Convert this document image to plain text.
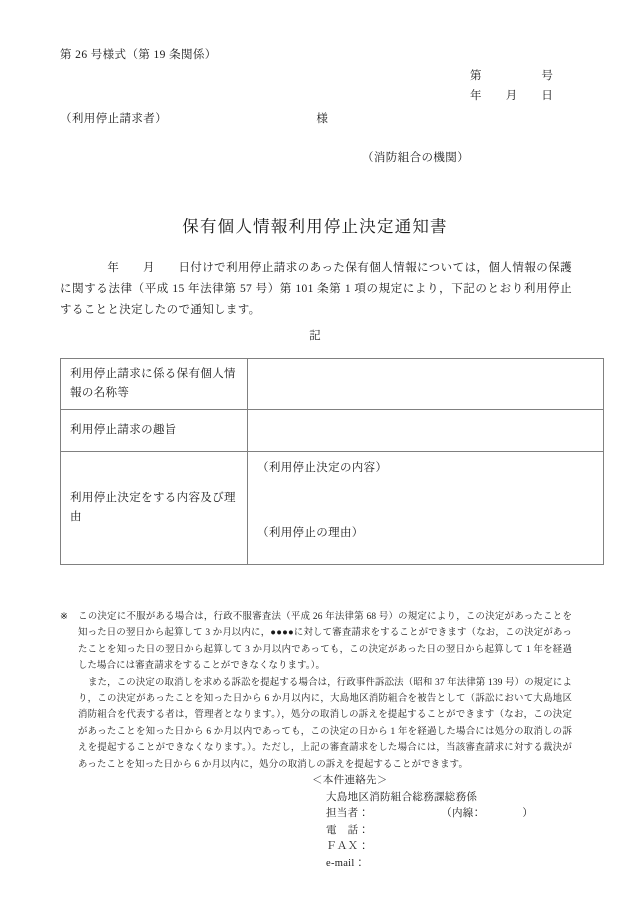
第 26 号様式（第 19 条関係）
第　　　　　号
年　　月　　日
（利用停止請求者）	様
（消防組合の機関）
保有個人情報利用停止決定通知書
　　　　年　　月　　日付けで利用停止請求のあった保有個人情報については，個人情報の保護に関する法律（平成 15 年法律第 57 号）第 101 条第 1 項の規定により，下記のとおり利用停止することと決定したので通知します。
記
利用停止請求に係る保有個人情報の名称等	
利用停止請求の趣旨	
利用停止決定をする内容及び理由	（利用停止決定の内容）
（利用停止の理由）

※ この決定に不服がある場合は，行政不服審査法（平成 26 年法律第 68 号）の規定により，この決定があったことを知った日の翌日から起算して 3 か月以内に，●●●●に対して審査請求をすることができます（なお，この決定があったことを知った日の翌日から起算して 3 か月以内であっても，この決定があった日の翌日から起算して 1 年を経過した場合には審査請求をすることができなくなります。）。

また，この決定の取消しを求める訴訟を提起する場合は，行政事件訴訟法（昭和 37 年法律第 139 号）の規定により，この決定があったことを知った日から 6 か月以内に，大島地区消防組合を被告として（訴訟において大島地区消防組合を代表する者は，管理者となります。），処分の取消しの訴えを提起することができます（なお，この決定があったことを知った日から 6 か月以内であっても，この決定の日から 1 年を経過した場合には処分の取消しの訴えを提起することができなくなります。）。ただし，上記の審査請求をした場合には，当該審査請求に対する裁決があったことを知った日から 6 か月以内に，処分の取消しの訴えを提起することができます。

＜本件連絡先＞
大島地区消防組合総務課総務係
担当者：	（内線：　　　　）
電　話：
ＦＡＸ：
e-mail：
